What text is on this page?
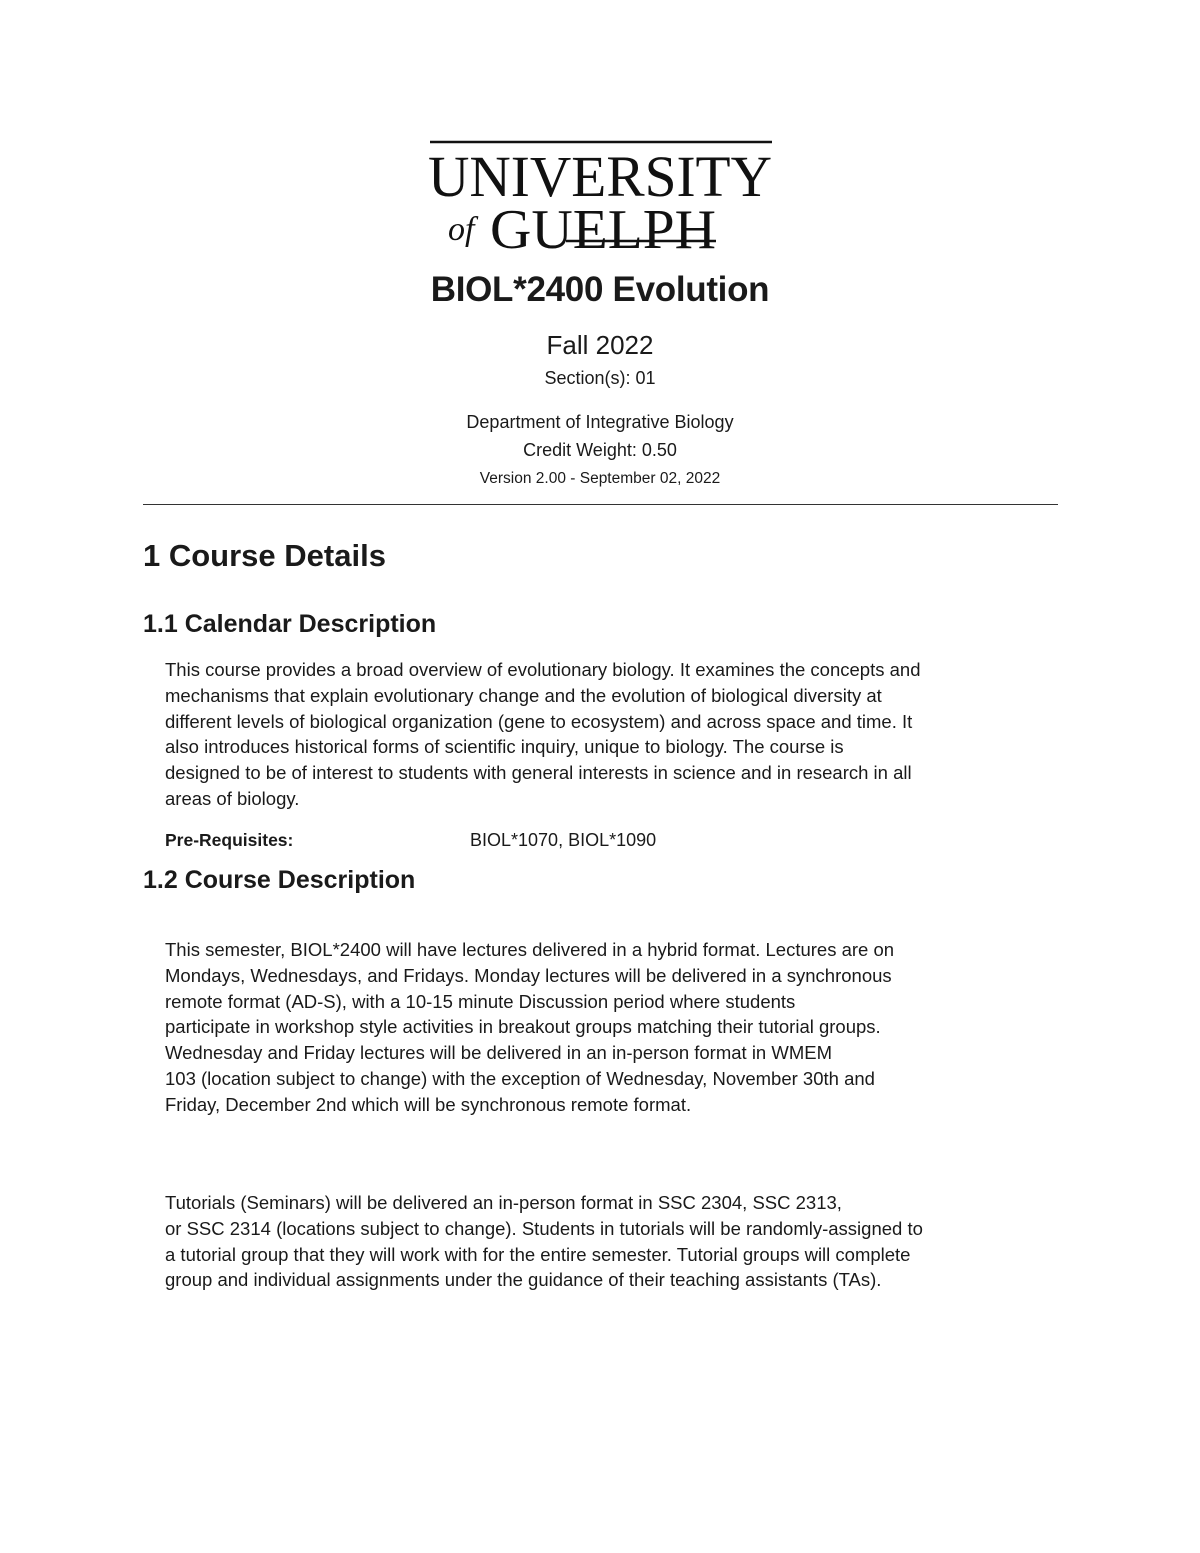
UNIVERSITY
of GUELPH
BIOL*2400 Evolution
Fall 2022
Section(s): 01
Department of Integrative Biology
Credit Weight: 0.50
Version 2.00 - September 02, 2022
1 Course Details
1.1 Calendar Description
This course provides a broad overview of evolutionary biology. It examines the concepts and
mechanisms that explain evolutionary change and the evolution of biological diversity at
different levels of biological organization (gene to ecosystem) and across space and time. It
also introduces historical forms of scientific inquiry, unique to biology. The course is
designed to be of interest to students with general interests in science and in research in all
areas of biology.
Pre-Requisites:	BIOL*1070, BIOL*1090
1.2 Course Description
This semester, BIOL*2400 will have lectures delivered in a hybrid format. Lectures are on
Mondays, Wednesdays, and Fridays. Monday lectures will be delivered in a synchronous
remote format (AD-S), with a 10-15 minute Discussion period where students
participate in workshop style activities in breakout groups matching their tutorial groups.
Wednesday and Friday lectures will be delivered in an in-person format in WMEM
103 (location subject to change) with the exception of Wednesday, November 30th and
Friday, December 2nd which will be synchronous remote format.
Tutorials (Seminars) will be delivered an in-person format in SSC 2304, SSC 2313,
or SSC 2314 (locations subject to change). Students in tutorials will be randomly-assigned to
a tutorial group that they will work with for the entire semester. Tutorial groups will complete
group and individual assignments under the guidance of their teaching assistants (TAs).
